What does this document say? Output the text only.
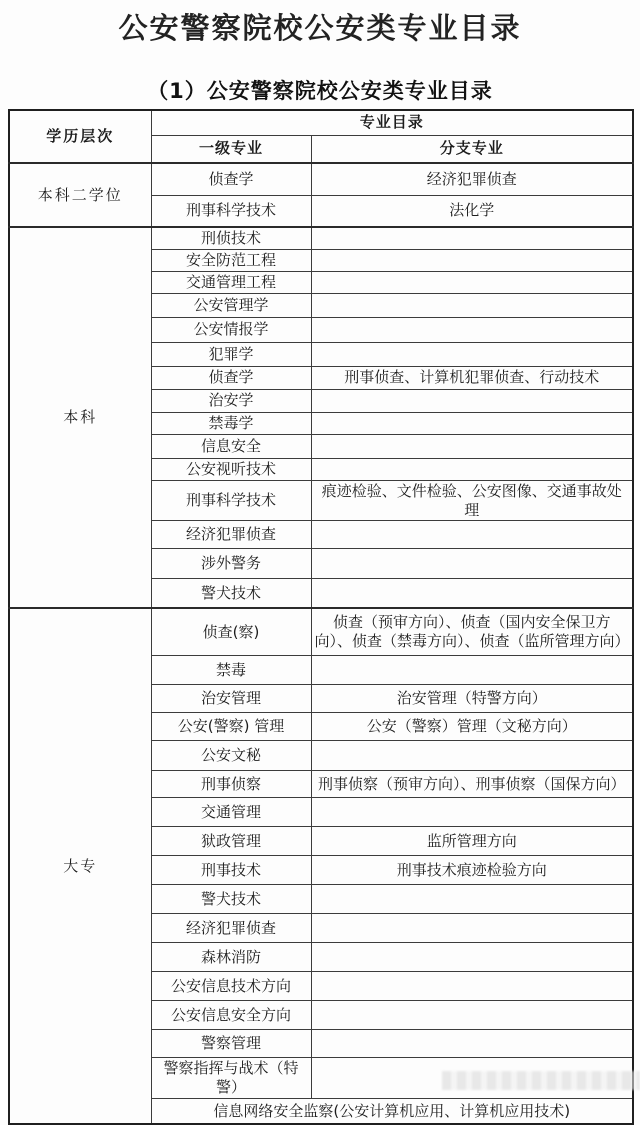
公安警察院校公安类专业目录
（1）公安警察院校公安类专业目录
学历层次	专业目录	
	一级专业	分支专业
本科二学位	侦查学	经济犯罪侦查
	刑事科学技术	法化学
本科	刑侦技术	
	安全防范工程	
	交通管理工程	
	公安管理学	
	公安情报学	
	犯罪学	
	侦查学	刑事侦查、计算机犯罪侦查、行动技术
	治安学	
	禁毒学	
	信息安全	
	公安视听技术	
	刑事科学技术	痕迹检验、文件检验、公安图像、交通事故处理
	经济犯罪侦查	
	涉外警务	
	警犬技术	
大专	侦查(察)	侦查（预审方向）、侦查（国内安全保卫方向）、侦查（禁毒方向）、侦查（监所管理方向）
	禁毒	
	治安管理	治安管理（特警方向）
	公安(警察) 管理	公安（警察）管理（文秘方向）
	公安文秘	
	刑事侦察	刑事侦察（预审方向）、刑事侦察（国保方向）
	交通管理	
	狱政管理	监所管理方向
	刑事技术	刑事技术痕迹检验方向
	警犬技术	
	经济犯罪侦查	
	森林消防	
	公安信息技术方向	
	公安信息安全方向	
	警察管理	
	警察指挥与战术（特警）	
	信息网络安全监察(公安计算机应用、计算机应用技术)	
